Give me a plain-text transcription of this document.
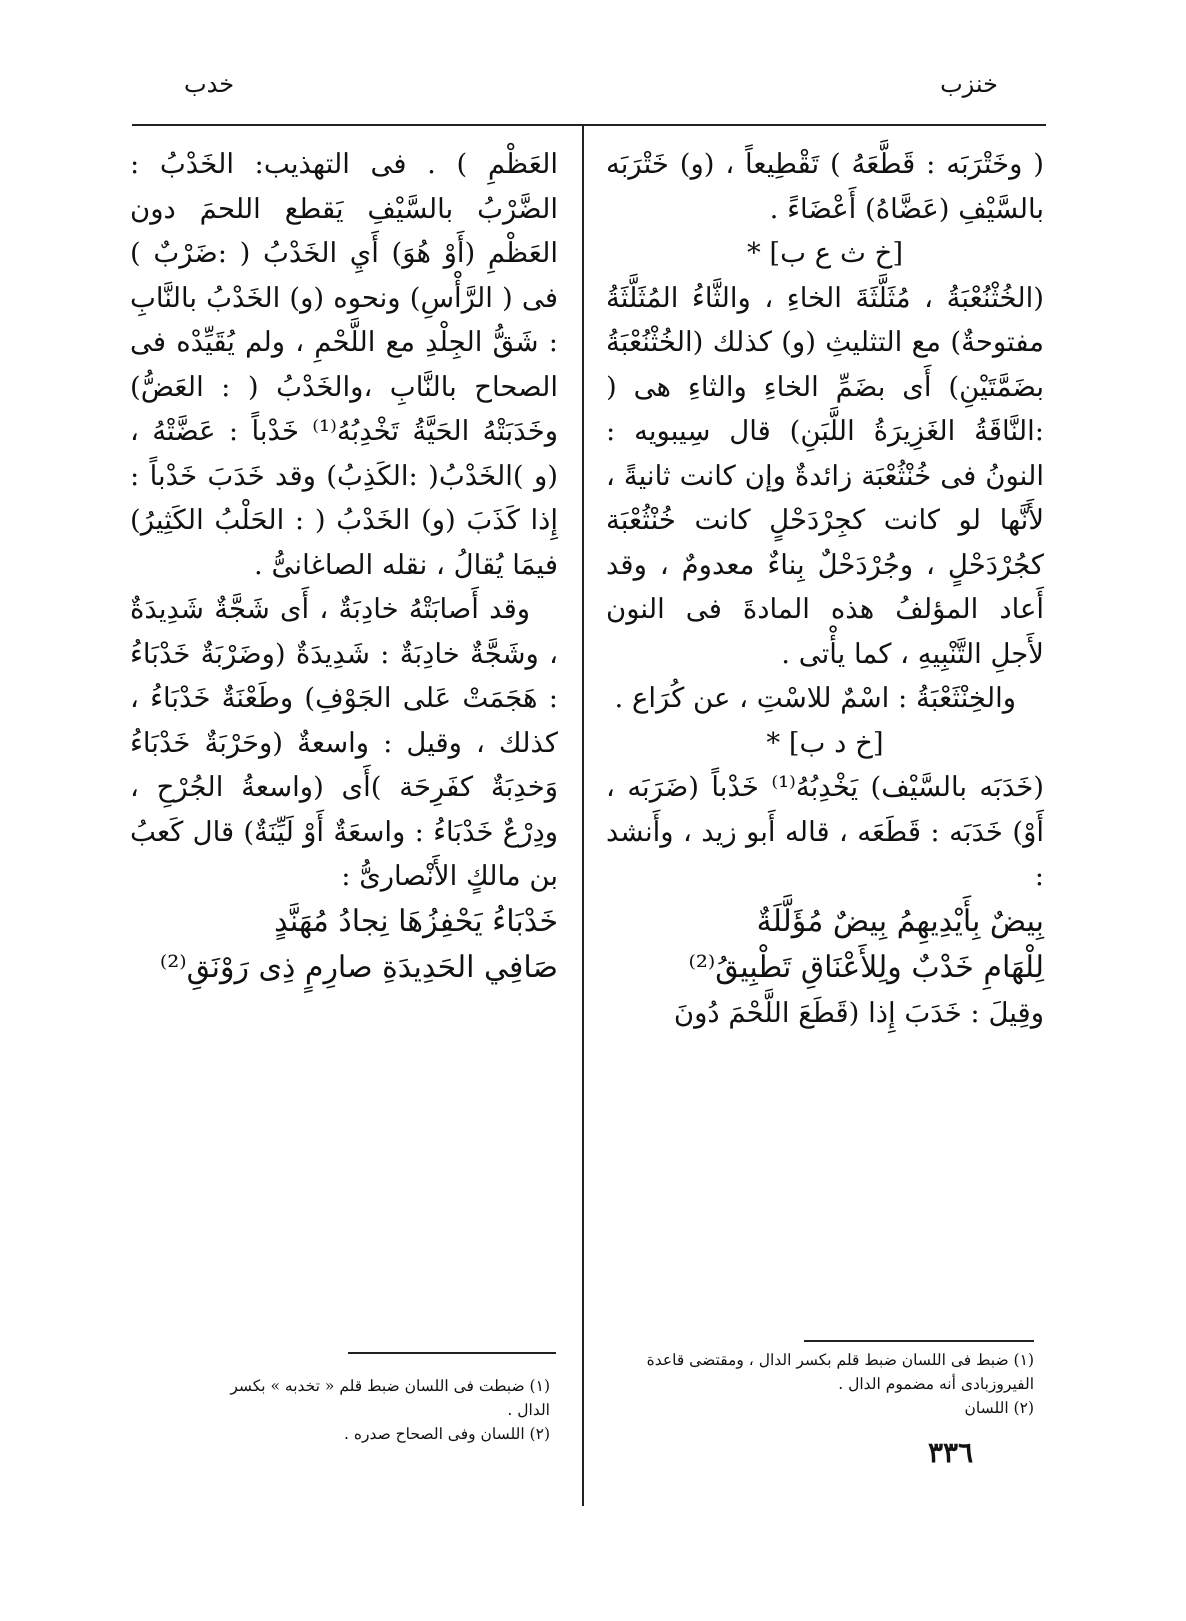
خنزب
خدب

( وخَتْرَبَه : قَطَّعَهُ ) تَقْطِيعاً ، (و) خَتْرَبَه بالسَّيْفِ (عَضَّاهُ) أَعْضَاءً .

[خ ث ع ب] *

(الخُثْنُعْبَةُ ، مُثَلَّثَةَ الخاءِ ، والثَّاءُ المُثَلَّثَةُ مفتوحةٌ) مع التثليثِ (و) كذلك (الخُثْنُعْبَةُ بضَمَّتَيْنِ) أَى بضَمِّ الخاءِ والثاءِ هى ( :النَّاقَةُ الغَزِيرَةُ اللَّبَنِ) قال سِيبويه : النونُ فى خُنْثُعْبَة زائدةٌ وإن كانت ثانيةً ، لأَنَّها لو كانت كجِرْدَحْلٍ كانت خُنْثُعْبَة كجُرْدَحْلٍ ، وجُرْدَحْلٌ بِناءٌ معدومٌ ، وقد أَعاد المؤلفُ هذه المادةَ فى النون لأَجلِ التَّنْبِيهِ ، كما يأْتى .

والخِنْثَعْبَةُ : اسْمٌ للاسْتِ ، عن كُرَاع .

[خ د ب] *

(خَدَبَه بالسَّيْف) يَخْدِبُهُ⁽¹⁾ خَدْباً (ضَرَبَه ، أَوْ) خَدَبَه : قَطَعَه ، قاله أَبو زيد ، وأَنشد :

بِيضٌ بِأَيْدِيهِمُ بِيضٌ مُؤَلَّلَةٌ

لِلْهَامِ خَدْبٌ ولِلأَعْنَاقِ تَطْبِيقُ⁽²⁾

وقِيلَ : خَدَبَ إِذا (قَطَعَ اللَّحْمَ دُونَ

العَظْمِ ) . فى التهذيب: الخَدْبُ : الضَّرْبُ بالسَّيْفِ يَقطع اللحمَ دون العَظْمِ (أَوْ هُوَ) أَيِ الخَدْبُ ( :ضَرْبٌ ) فى ( الرَّأْسِ) ونحوه (و) الخَدْبُ بالنَّابِ : شَقُّ الجِلْدِ مع اللَّحْمِ ، ولم يُقَيِّدْه فى الصحاح بالنَّابِ ،والخَدْبُ ( : العَضُّ) وخَدَبَتْهُ الحَيَّةُ تَخْدِبُهُ⁽¹⁾ خَدْباً : عَضَّتْهُ ، (و )الخَدْبُ( :الكَذِبُ) وقد خَدَبَ خَدْباً : إِذا كَذَبَ (و) الخَدْبُ ( : الحَلْبُ الكَثِيرُ) فيمَا يُقالُ ، نقله الصاغانىُّ .

وقد أَصابَتْهُ خادِبَةٌ ، أَى شَجَّةٌ شَدِيدَةٌ ، وشَجَّةٌ خادِبَةٌ : شَدِيدَةٌ (وضَرْبَةٌ خَدْبَاءُ : هَجَمَتْ عَلى الجَوْفِ) وطَعْنَةٌ خَدْبَاءُ ، كذلك ، وقيل : واسعةٌ (وحَرْبَةٌ خَدْبَاءُ وَخدِبَةٌ كفَرِحَة )أَى (واسعةُ الجُرْحِ ، ودِرْعٌ خَدْبَاءُ : واسعَةٌ أَوْ لَيِّنَةٌ) قال كَعبُ بن مالكٍ الأَنْصارىُّ :

خَدْبَاءُ يَحْفِزُهَا نِجادُ مُهَنَّدٍ

صَافِي الحَدِيدَةِ صارِمٍ ذِى رَوْنَقِ⁽²⁾

(١) ضبط فى اللسان ضبط قلم بكسر الدال ، ومقتضى قاعدة الفيروزبادى أنه مضموم الدال .
(٢) اللسان
(١) ضبطت فى اللسان ضبط قلم « تخدبه » بكسر الدال .
(٢) اللسان وفى الصحاح صدره .
٣٣٦
